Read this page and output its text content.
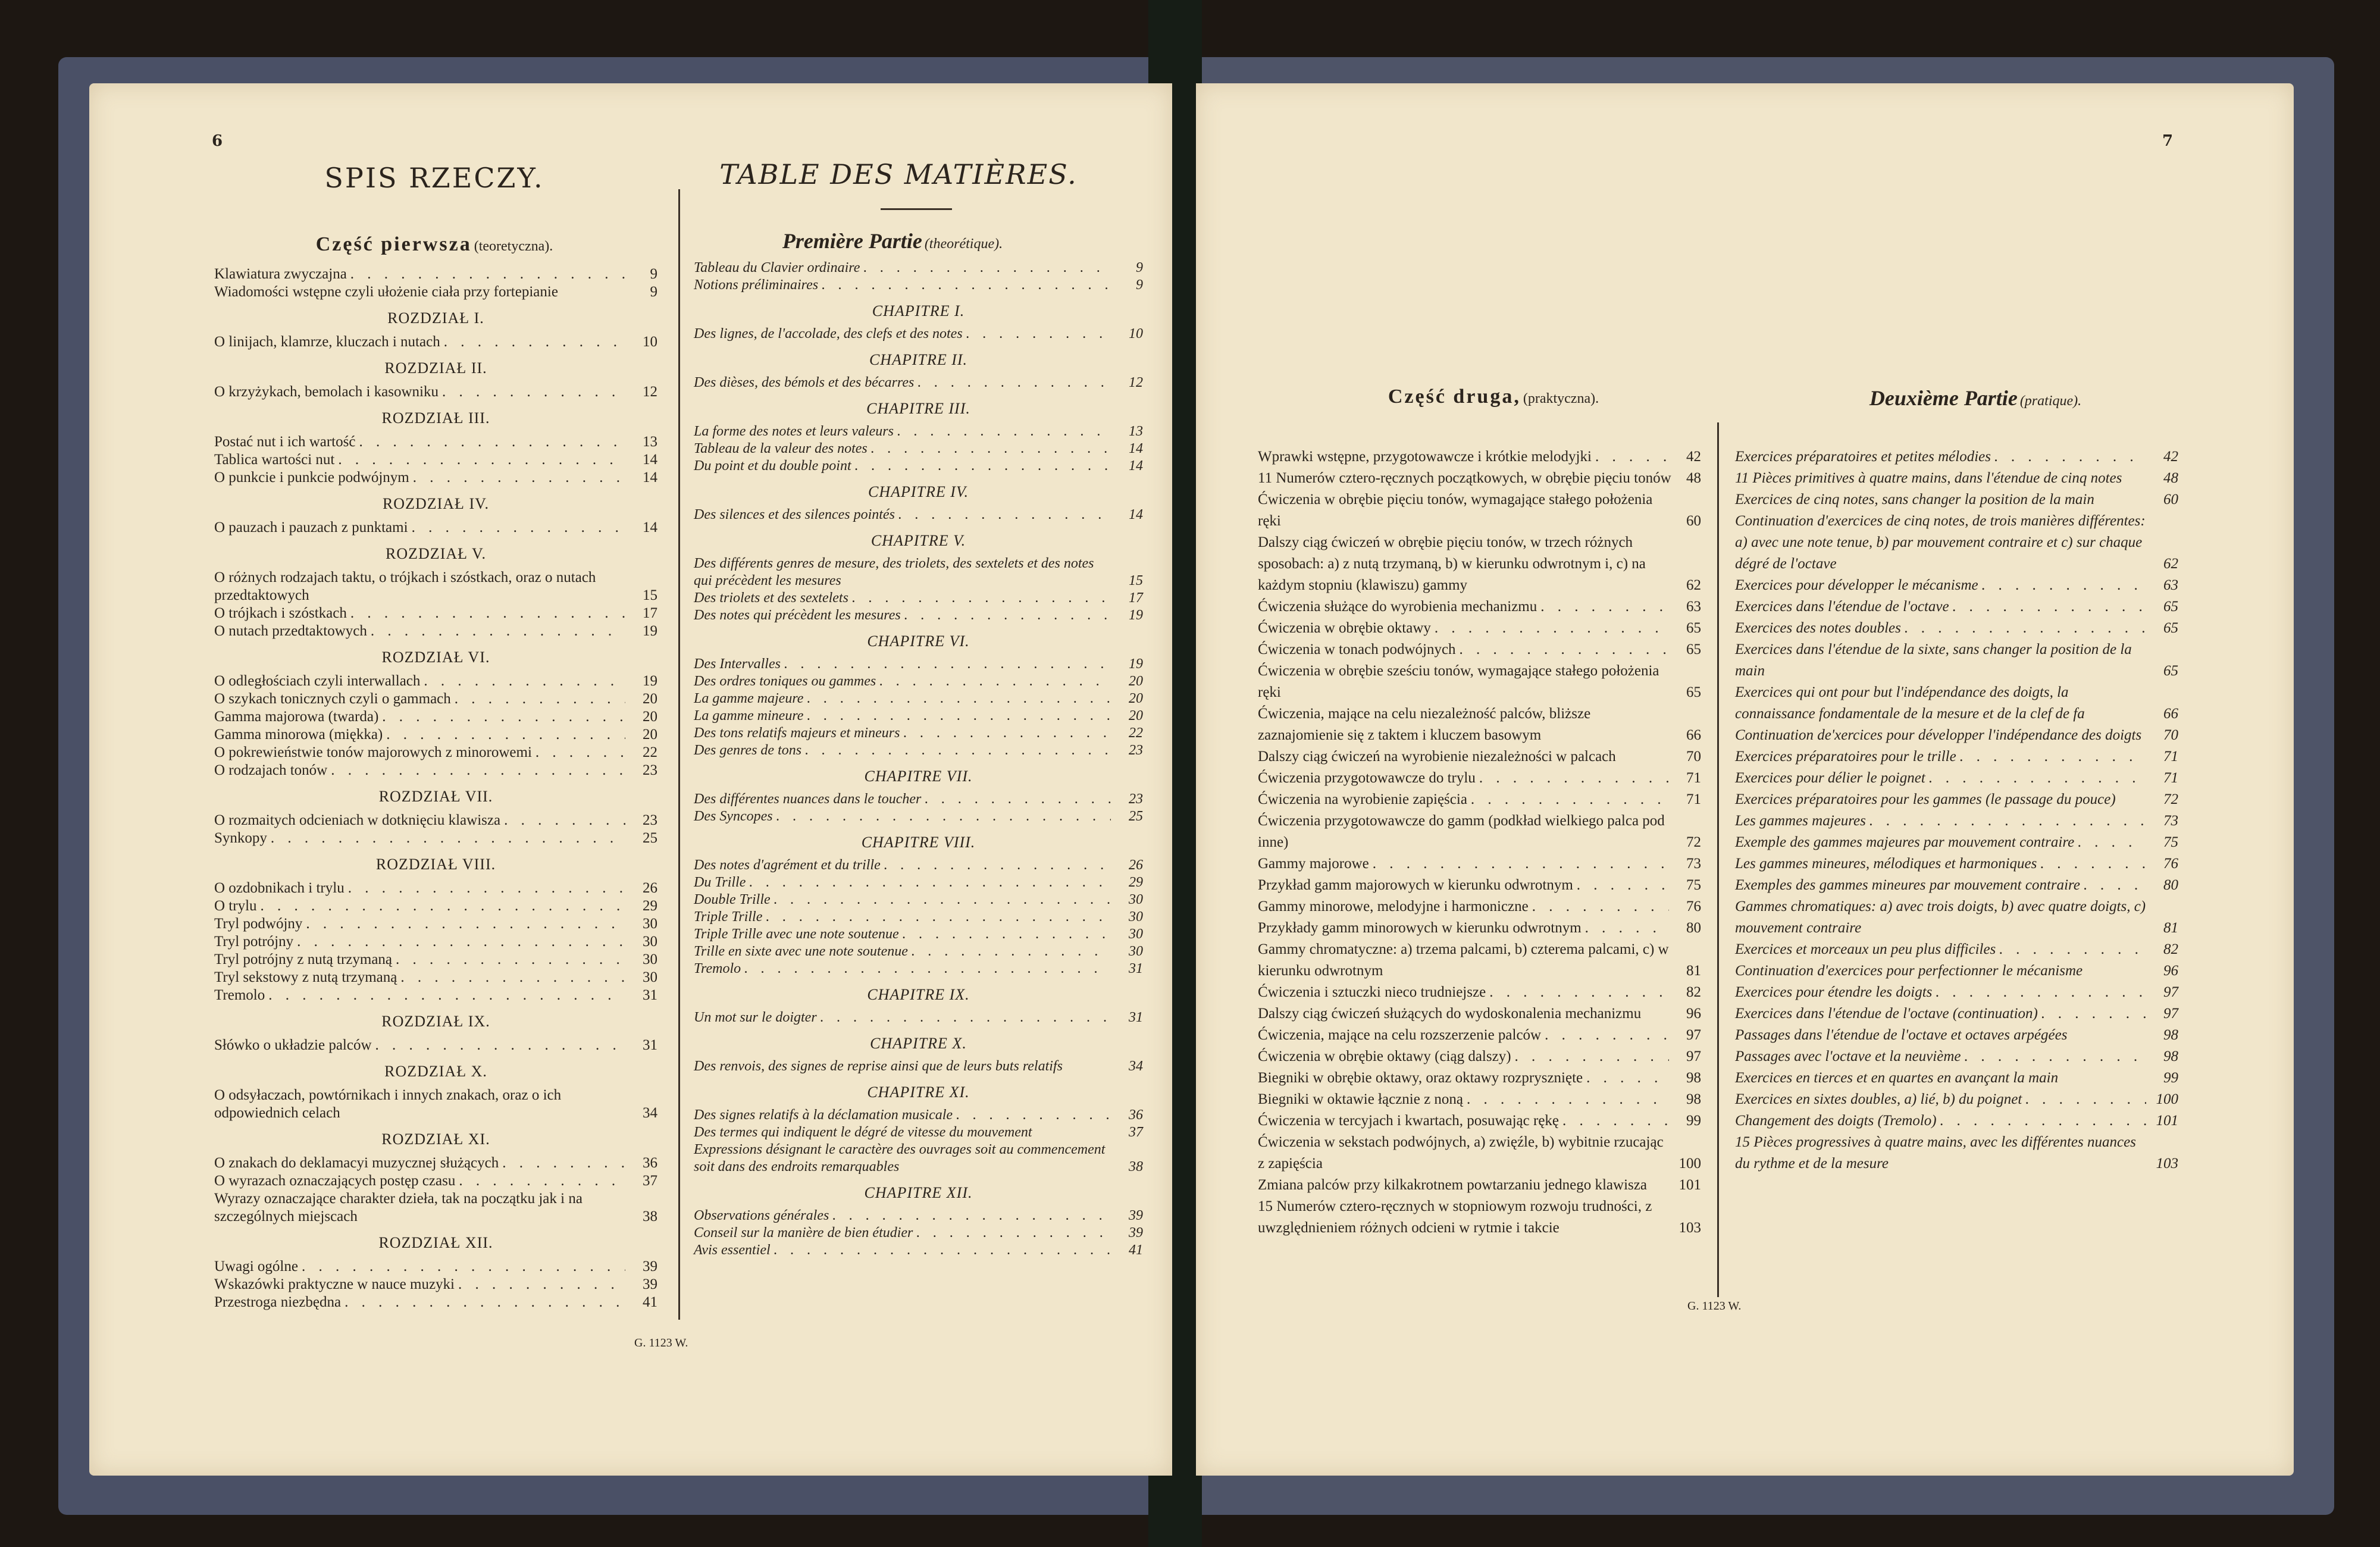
6
SPIS RZECZY.	TABLE DES MATIÈRES.
Część pierwsza (teoretyczna).	Première Partie (theorétique).
Klawiatura zwyczajna . . .	9
Wiadomości wstępne czyli ułożenie ciała przy fortepianie	9
ROZDZIAŁ I.
O linijach, klamrze, kluczach i nutach . . .	10
ROZDZIAŁ II.
O krzyżykach, bemolach i kasowniku . . .	12
ROZDZIAŁ III.
Postać nut i ich wartość . . .	13
Tablica wartości nut . . .	14
O punkcie i punkcie podwójnym . . .	14
ROZDZIAŁ IV.
O pauzach i pauzach z punktami . . .	14
ROZDZIAŁ V.
O różnych rodzajach taktu, o trójkach i szóstkach, oraz o nutach przedtaktowych	15
O trójkach i szóstkach . . .	17
O nutach przedtaktowych . . .	19
ROZDZIAŁ VI.
O odległościach czyli interwallach . . .	19
O szykach tonicznych czyli o gammach . . .	20
Gamma majorowa (twarda) . . .	20
Gamma minorowa (miękka) . . .	20
O pokrewieństwie tonów majorowych z minorowemi . . .	22
O rodzajach tonów . . .	23
ROZDZIAŁ VII.
O rozmaitych odcieniach w dotknięciu klawisza . . .	23
Synkopy . . .	25
ROZDZIAŁ VIII.
O ozdobnikach i trylu . . .	26
O trylu . . .	29
Tryl podwójny . . .	30
Tryl potrójny . . .	30
Tryl potrójny z nutą trzymaną . . .	30
Tryl sekstowy z nutą trzymaną . . .	30
Tremolo . . .	31
ROZDZIAŁ IX.
Słówko o układzie palców . . .	31
ROZDZIAŁ X.
O odsyłaczach, powtórnikach i innych znakach, oraz o ich odpowiednich celach	34
ROZDZIAŁ XI.
O znakach do deklamacyi muzycznej służących . . .	36
O wyrazach oznaczających postęp czasu . . .	37
Wyrazy oznaczające charakter dzieła, tak na początku jak i na szczególnych miejscach	38
ROZDZIAŁ XII.
Uwagi ogólne . . .	39
Wskazówki praktyczne w nauce muzyki . . .	39
Przestroga niezbędna . . .	41
Tableau du Clavier ordinaire . . .	9
Notions préliminaires . . .	9
CHAPITRE I.
Des lignes, de l'accolade, des clefs et des notes . . .	10
CHAPITRE II.
Des dièses, des bémols et des bécarres . . .	12
CHAPITRE III.
La forme des notes et leurs valeurs . . .	13
Tableau de la valeur des notes . . .	14
Du point et du double point . . .	14
CHAPITRE IV.
Des silences et des silences pointés . . .	14
CHAPITRE V.
Des différents genres de mesure, des triolets, des sextelets et des notes qui précèdent les mesures	15
Des triolets et des sextelets . . .	17
Des notes qui précèdent les mesures . . .	19
CHAPITRE VI.
Des Intervalles . . .	19
Des ordres toniques ou gammes . . .	20
La gamme majeure . . .	20
La gamme mineure . . .	20
Des tons relatifs majeurs et mineurs . . .	22
Des genres de tons . . .	23
CHAPITRE VII.
Des différentes nuances dans le toucher . . .	23
Des Syncopes . . .	25
CHAPITRE VIII.
Des notes d'agrément et du trille . . .	26
Du Trille . . .	29
Double Trille . . .	30
Triple Trille . . .	30
Triple Trille avec une note soutenue . . .	30
Trille en sixte avec une note soutenue . . .	30
Tremolo . . .	31
CHAPITRE IX.
Un mot sur le doigter . . .	31
CHAPITRE X.
Des renvois, des signes de reprise ainsi que de leurs buts relatifs	34
CHAPITRE XI.
Des signes relatifs à la déclamation musicale . . .	36
Des termes qui indiquent le dégré de vitesse du mouvement	37
Expressions désignant le caractère des ouvrages soit au commencement soit dans des endroits remarquables	38
CHAPITRE XII.
Observations générales . . .	39
Conseil sur la manière de bien étudier . . .	39
Avis essentiel . . .	41
G. 1123 W.
7
Część druga, (praktyczna).	Deuxième Partie (pratique).
Wprawki wstępne, przygotowawcze i krótkie melodyjki . . .	42
11 Numerów cztero-ręcznych początkowych, w obrębie pięciu tonów	48
Ćwiczenia w obrębie pięciu tonów, wymagające stałego położenia ręki	60
Dalszy ciąg ćwiczeń w obrębie pięciu tonów, w trzech różnych sposobach: a) z nutą trzymaną, b) w kierunku odwrotnym i, c) na każdym stopniu (klawiszu) gammy	62
Ćwiczenia służące do wyrobienia mechanizmu . . .	63
Ćwiczenia w obrębie oktawy . . .	65
Ćwiczenia w tonach podwójnych . . .	65
Ćwiczenia w obrębie sześciu tonów, wymagające stałego położenia ręki	65
Ćwiczenia, mające na celu niezależność palców, bliższe zaznajomienie się z taktem i kluczem basowym	66
Dalszy ciąg ćwiczeń na wyrobienie niezależności w palcach	70
Ćwiczenia przygotowawcze do trylu . . .	71
Ćwiczenia na wyrobienie zapięścia . . .	71
Ćwiczenia przygotowawcze do gamm (podkład wielkiego palca pod inne)	72
Gammy majorowe . . .	73
Przykład gamm majorowych w kierunku odwrotnym . . .	75
Gammy minorowe, melodyjne i harmoniczne . . .	76
Przykłady gamm minorowych w kierunku odwrotnym . . .	80
Gammy chromatyczne: a) trzema palcami, b) czterema palcami, c) w kierunku odwrotnym	81
Ćwiczenia i sztuczki nieco trudniejsze . . .	82
Dalszy ciąg ćwiczeń służących do wydoskonalenia mechanizmu	96
Ćwiczenia, mające na celu rozszerzenie palców . . .	97
Ćwiczenia w obrębie oktawy (ciąg dalszy) . . .	97
Biegniki w obrębie oktawy, oraz oktawy rozprysznięte . . .	98
Biegniki w oktawie łącznie z noną . . .	98
Ćwiczenia w tercyjach i kwartach, posuwając rękę . . .	99
Ćwiczenia w sekstach podwójnych, a) zwięźle, b) wybitnie rzucając z zapięścia	100
Zmiana palców przy kilkakrotnem powtarzaniu jednego klawisza	101
15 Numerów cztero-ręcznych w stopniowym rozwoju trudności, z uwzględnieniem różnych odcieni w rytmie i takcie	103
Exercices préparatoires et petites mélodies . . .	42
11 Pièces primitives à quatre mains, dans l'étendue de cinq notes	48
Exercices de cinq notes, sans changer la position de la main	60
Continuation d'exercices de cinq notes, de trois manières différentes: a) avec une note tenue, b) par mouvement contraire et c) sur chaque dégré de l'octave	62
Exercices pour développer le mécanisme . . .	63
Exercices dans l'étendue de l'octave . . .	65
Exercices des notes doubles . . .	65
Exercices dans l'étendue de la sixte, sans changer la position de la main	65
Exercices qui ont pour but l'indépendance des doigts, la connaissance fondamentale de la mesure et de la clef de fa	66
Continuation de'xercices pour développer l'indépendance des doigts	70
Exercices préparatoires pour le trille . . .	71
Exercices pour délier le poignet . . .	71
Exercices préparatoires pour les gammes (le passage du pouce)	72
Les gammes majeures . . .	73
Exemple des gammes majeures par mouvement contraire . . .	75
Les gammes mineures, mélodiques et harmoniques . . .	76
Exemples des gammes mineures par mouvement contraire . . .	80
Gammes chromatiques: a) avec trois doigts, b) avec quatre doigts, c) mouvement contraire	81
Exercices et morceaux un peu plus difficiles . . .	82
Continuation d'exercices pour perfectionner le mécanisme	96
Exercices pour étendre les doigts . . .	97
Exercices dans l'étendue de l'octave (continuation) . . .	97
Passages dans l'étendue de l'octave et octaves arpégées	98
Passages avec l'octave et la neuvième . . .	98
Exercices en tierces et en quartes en avançant la main	99
Exercices en sixtes doubles, a) lié, b) du poignet . . .	100
Changement des doigts (Tremolo) . . .	101
15 Pièces progressives à quatre mains, avec les différentes nuances du rythme et de la mesure	103
G. 1123 W.
